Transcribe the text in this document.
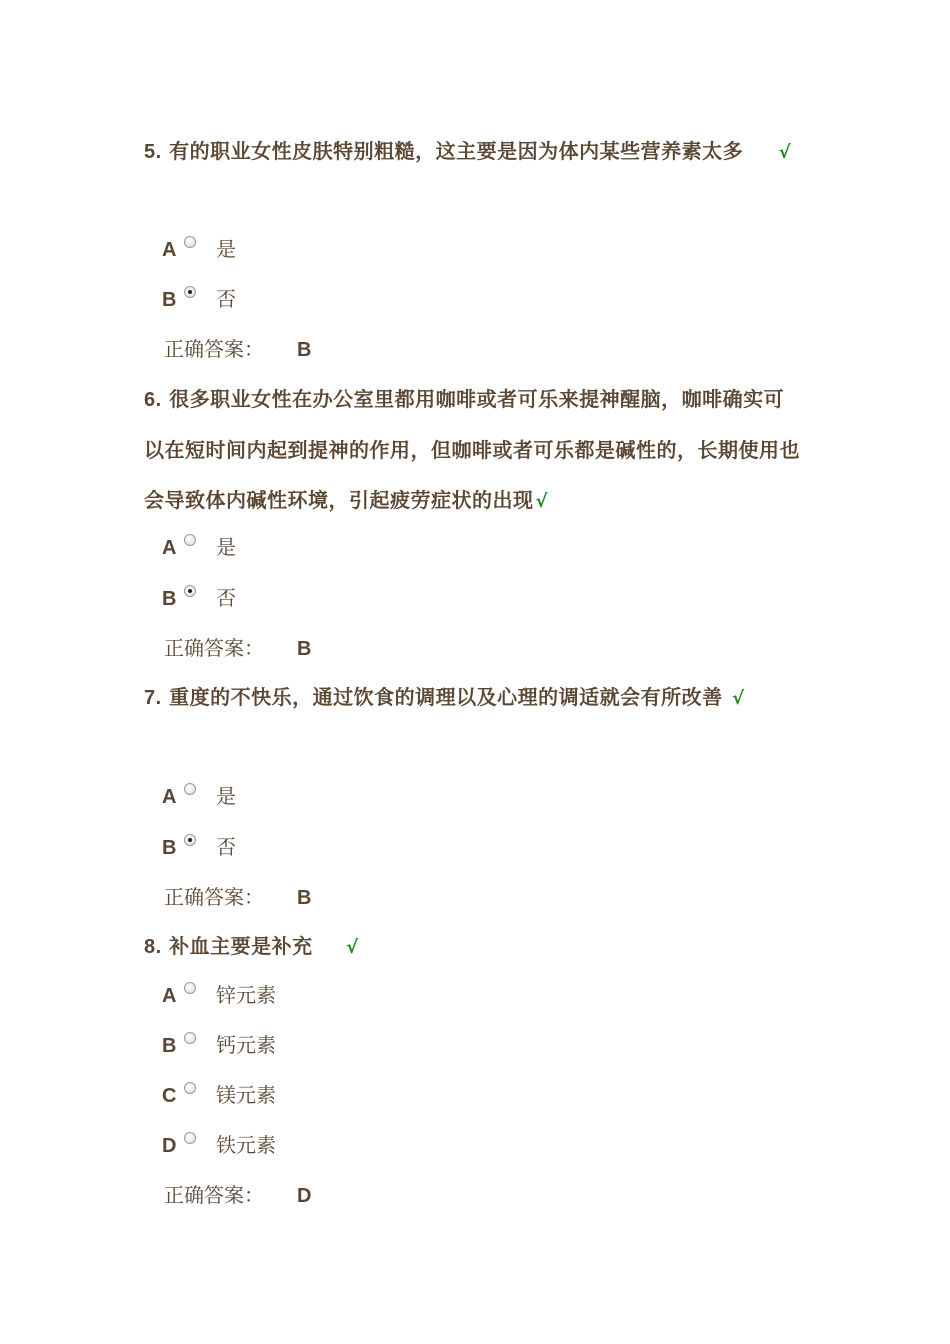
5. 有的职业女性皮肤特别粗糙，这主要是因为体内某些营养素太多 √
A 是
B 否
正确答案： B
6. 很多职业女性在办公室里都用咖啡或者可乐来提神醒脑，咖啡确实可以在短时间内起到提神的作用，但咖啡或者可乐都是碱性的，长期使用也会导致体内碱性环境，引起疲劳症状的出现 √
A 是
B 否
正确答案： B
7. 重度的不快乐，通过饮食的调理以及心理的调适就会有所改善 √
A 是
B 否
正确答案： B
8. 补血主要是补充 √
A 锌元素
B 钙元素
C 镁元素
D 铁元素
正确答案： D
